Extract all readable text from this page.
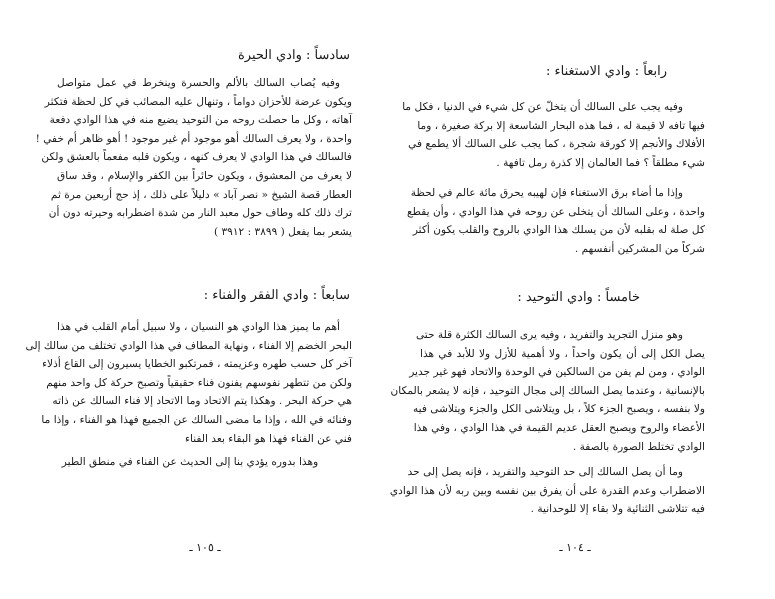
سادساً : وادي الحيرة
وفيه يُصاب السالك بالألم والحسرة وينخرط في عمل متواصل
ويكون عرضة للأحزان دواماً ، وتنهال عليه المصائب في كل لحظة فتكثر
آهاته ، وكل ما حصلت روحه من التوحيد يضيع منه في هذا الوادي دفعة
واحدة ، ولا يعرف السالك أهو موجود أم غير موجود ! أهو ظاهر أم خفي !
فالسالك في هذا الوادي لا يعرف كنهه ، ويكون قلبه مفعماً بالعشق ولكن
لا يعرف من المعشوق ، ويكون حائراً بين الكفر والإسلام ، وقد ساق
العطار قصة الشيخ « نصر آباد » دليلاً على ذلك ، إذ حج أربعين مرة ثم
ترك ذلك كله وطاف حول معبد النار من شدة اضطرابه وحيرته دون أن
يشعر بما يفعل ( ٣٨٩٩ : ٣٩١٢ )
سابعاً : وادي الفقر والفناء :
أهم ما يميز هذا الوادي هو النسيان ، ولا سبيل أمام القلب في هذا
البحر الخضم إلا الفناء ، ونهاية المطاف في هذا الوادي تختلف من سالك إلى
آخر كل حسب طهره وعزيمته ، فمرتكبو الخطايا يسيرون إلى القاع أذلاء
ولكن من تتطهر نفوسهم يفنون فناء حقيقياً وتصبح حركة كل واحد منهم
هي حركة البحر . وهكذا يتم الاتحاد وما الاتحاد إلا فناء السالك عن ذاته
وفنائه في الله ، وإذا ما مضى السالك عن الجميع فهذا هو الفناء ، وإذا ما
فني عن الفناء فهذا هو البقاء بعد الفناء
وهذا بدوره يؤدي بنا إلى الحديث عن الفناء في منطق الطير
ـ ١٠٥ ـ
رابعاً : وادي الاستغناء :
وفيه يجب على السالك أن يتخلّ عن كل شيء في الدنيا ، فكل ما
فيها تافه لا قيمة له ، فما هذه البحار الشاسعة إلا بركة صغيرة ، وما
الأفلاك والأنجم إلا كورقة شجرة ، كما يجب على السالك ألا يطمع في
شيء مطلقاً ؟ فما العالمان إلا كذرة رمل تافهة .
وإذا ما أضاء برق الاستغناء فإن لهيبه يحرق مائة عالم في لحظة
واحدة ، وعلى السالك أن يتخلى عن روحه في هذا الوادي ، وأن يقطع
كل صلة له بقلبه لأن من يسلك هذا الوادي بالروح والقلب يكون أكثر
شركاً من المشركين أنفسهم .
خامساً : وادي التوحيد :
وهو منزل التجريد والتفريد ، وفيه يرى السالك الكثرة قلة حتى
يصل الكل إلى أن يكون واحداً ، ولا أهمية للأزل ولا للأبد في هذا
الوادي ، ومن لم يفن من السالكين في الوحدة والاتحاد فهو غير جدير
بالإنسانية ، وعندما يصل السالك إلى مجال التوحيد ، فإنه لا يشعر بالمكان
ولا بنفسه ، ويصبح الجزء كلاً ، بل ويتلاشى الكل والجزء ويتلاشى فيه
الأعضاء والروح ويصبح العقل عديم القيمة في هذا الوادي ، وفي هذا
الوادي تختلط الصورة بالصفة .
وما أن يصل السالك إلى حد التوحيد والتفريد ، فإنه يصل إلى حد
الاضطراب وعدم القدرة على أن يفرق بين نفسه وبين ربه لأن هذا الوادي
فيه تتلاشى الثنائية ولا بقاء إلا للوحدانية .
ـ ١٠٤ ـ
